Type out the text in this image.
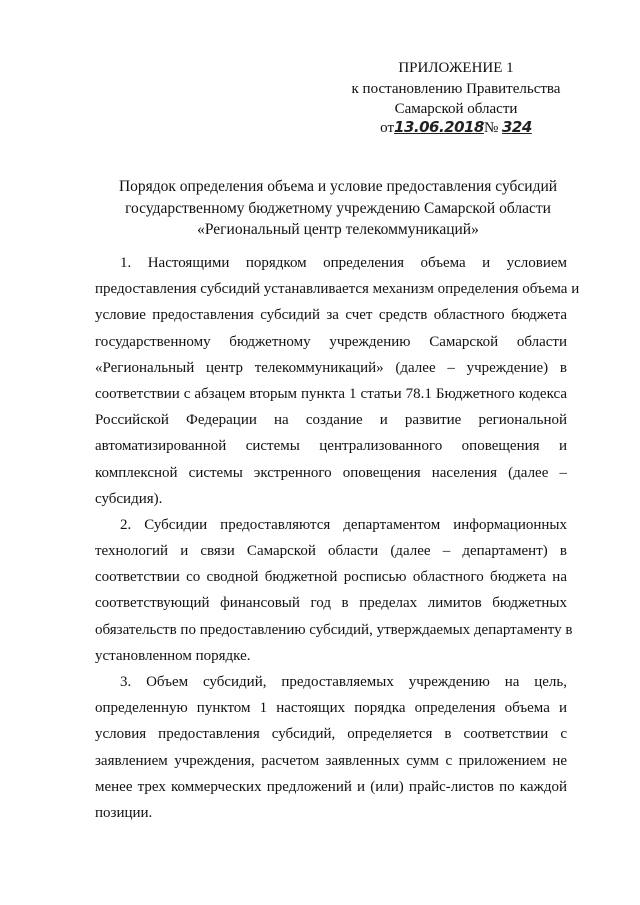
ПРИЛОЖЕНИЕ 1
к постановлению Правительства
Самарской области
от13.06.2018№ 324
Порядок определения объема и условие предоставления субсидий
государственному бюджетному учреждению Самарской области
«Региональный центр телекоммуникаций»
1. Настоящими порядком определения объема и условием
предоставления субсидий устанавливается механизм определения объема и
условие предоставления субсидий за счет средств областного бюджета
государственному бюджетному учреждению Самарской области
«Региональный центр телекоммуникаций» (далее – учреждение) в
соответствии с абзацем вторым пункта 1 статьи 78.1 Бюджетного кодекса
Российской Федерации на создание и развитие региональной
автоматизированной системы централизованного оповещения и
комплексной системы экстренного оповещения населения (далее –
субсидия).
2. Субсидии предоставляются департаментом информационных
технологий и связи Самарской области (далее – департамент) в
соответствии со сводной бюджетной росписью областного бюджета на
соответствующий финансовый год в пределах лимитов бюджетных
обязательств по предоставлению субсидий, утверждаемых департаменту в
установленном порядке.
3. Объем субсидий, предоставляемых учреждению на цель,
определенную пунктом 1 настоящих порядка определения объема и
условия предоставления субсидий, определяется в соответствии с
заявлением учреждения, расчетом заявленных сумм с приложением не
менее трех коммерческих предложений и (или) прайс-листов по каждой
позиции.
